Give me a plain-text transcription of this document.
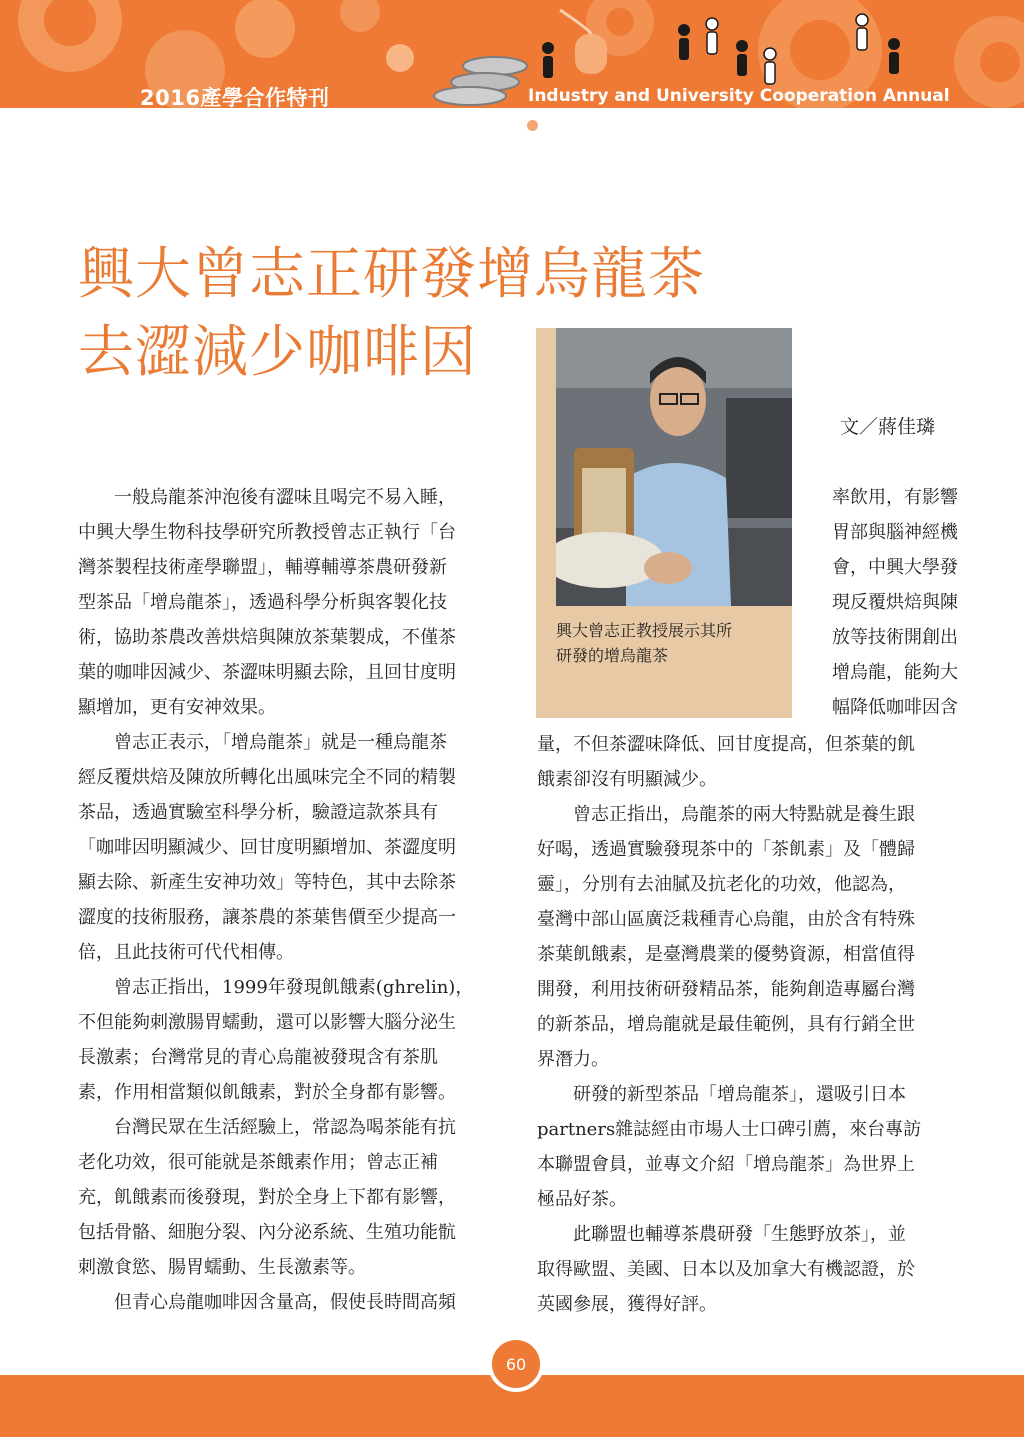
2016產學合作特刊	Industry and University Cooperation Annual
興大曾志正研發增烏龍茶
去澀減少咖啡因
興大曾志正教授展示其所
研發的增烏龍茶
文／蔣佳璘
　　一般烏龍茶沖泡後有澀味且喝完不易入睡，
中興大學生物科技學研究所教授曾志正執行「台
灣茶製程技術產學聯盟」，輔導輔導茶農研發新
型茶品「增烏龍茶」，透過科學分析與客製化技
術，協助茶農改善烘焙與陳放茶葉製成，不僅茶
葉的咖啡因減少、茶澀味明顯去除，且回甘度明
顯增加，更有安神效果。
　　曾志正表示，「增烏龍茶」就是一種烏龍茶
經反覆烘焙及陳放所轉化出風味完全不同的精製
茶品，透過實驗室科學分析，驗證這款茶具有
「咖啡因明顯減少、回甘度明顯增加、茶澀度明
顯去除、新產生安神功效」等特色，其中去除茶
澀度的技術服務，讓茶農的茶葉售價至少提高一
倍，且此技術可代代相傳。
　　曾志正指出，1999年發現飢餓素(ghrelin)，
不但能夠刺激腸胃蠕動，還可以影響大腦分泌生
長激素；台灣常見的青心烏龍被發現含有茶肌
素，作用相當類似飢餓素，對於全身都有影響。
　　台灣民眾在生活經驗上，常認為喝茶能有抗
老化功效，很可能就是茶餓素作用；曾志正補
充，飢餓素而後發現，對於全身上下都有影響，
包括骨骼、細胞分裂、內分泌系統、生殖功能骯
刺激食慾、腸胃蠕動、生長激素等。
　　但青心烏龍咖啡因含量高，假使長時間高頻
率飲用，有影響
胃部與腦神經機
會，中興大學發
現反覆烘焙與陳
放等技術開創出
增烏龍，能夠大
幅降低咖啡因含
量，不但茶澀味降低、回甘度提高，但茶葉的飢
餓素卻沒有明顯減少。
　　曾志正指出，烏龍茶的兩大特點就是養生跟
好喝，透過實驗發現茶中的「茶飢素」及「體歸
靈」，分別有去油膩及抗老化的功效，他認為，
臺灣中部山區廣泛栽種青心烏龍，由於含有特殊
茶葉飢餓素，是臺灣農業的優勢資源，相當值得
開發，利用技術研發精品茶，能夠創造專屬台灣
的新茶品，增烏龍就是最佳範例，具有行銷全世
界潛力。
　　研發的新型茶品「增烏龍茶」，還吸引日本
partners雜誌經由市場人士口碑引薦，來台專訪
本聯盟會員，並專文介紹「增烏龍茶」為世界上
極品好茶。
　　此聯盟也輔導茶農研發「生態野放茶」，並
取得歐盟、美國、日本以及加拿大有機認證，於
英國參展，獲得好評。
60
